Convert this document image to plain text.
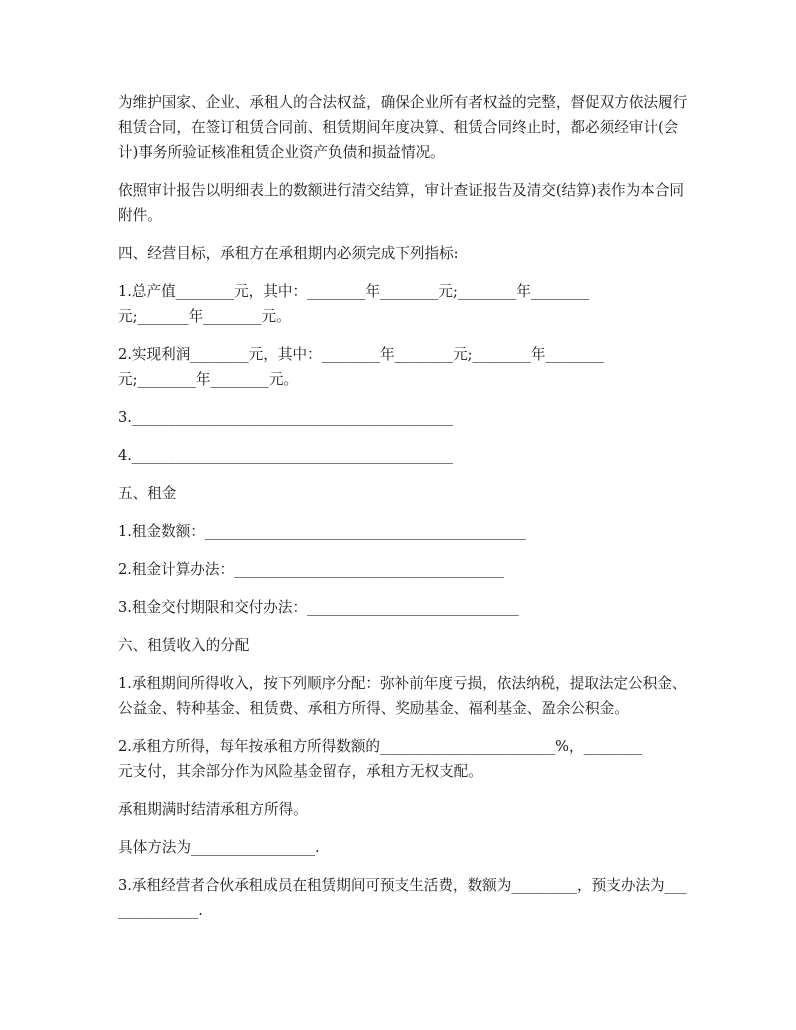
为维护国家、企业、承租人的合法权益，确保企业所有者权益的完整，督促双方依法履行租赁合同，在签订租赁合同前、租赁期间年度决算、租赁合同终止时，都必须经审计(会计)事务所验证核准租赁企业资产负债和损益情况。

依照审计报告以明细表上的数额进行清交结算，审计查证报告及清交(结算)表作为本合同附件。

四、经营目标，承租方在承租期内必须完成下列指标:

1.总产值________元，其中：________年________元;________年________
元;_______年________元。

2.实现利润________元，其中：________年________元;________年________
元;________年________元。

3.____________________________________________

4.____________________________________________

五、租金

1.租金数额：____________________________________________

2.租金计算办法：_____________________________________

3.租金交付期限和交付办法：_____________________________

六、租赁收入的分配

1.承租期间所得收入，按下列顺序分配：弥补前年度亏损，依法纳税，提取法定公积金、公益金、特种基金、租赁费、承租方所得、奖励基金、福利基金、盈余公积金。

2.承租方所得，每年按承租方所得数额的________________________%，________
元支付，其余部分作为风险基金留存，承租方无权支配。

承租期满时结清承租方所得。

具体方法为_________________.

3.承租经营者合伙承租成员在租赁期间可预支生活费，数额为_________，预支办法为______________.
